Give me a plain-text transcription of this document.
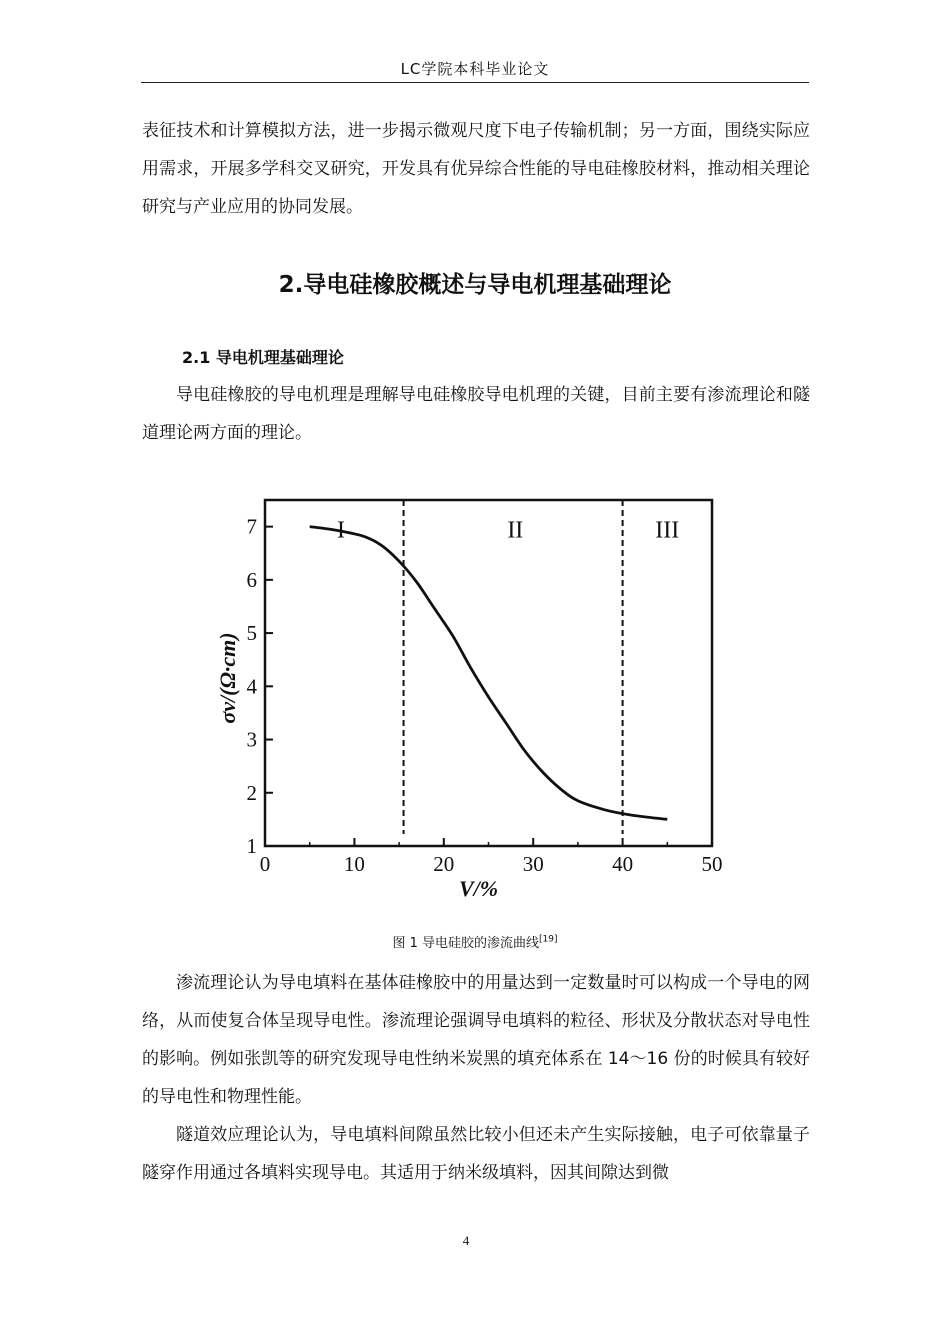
LC学院本科毕业论文
表征技术和计算模拟方法，进一步揭示微观尺度下电子传输机制；另一方面，围绕实际应用需求，开展多学科交叉研究，开发具有优异综合性能的导电硅橡胶材料，推动相关理论研究与产业应用的协同发展。
2.导电硅橡胶概述与导电机理基础理论
2.1 导电机理基础理论
导电硅橡胶的导电机理是理解导电硅橡胶导电机理的关键，目前主要有渗流理论和隧道理论两方面的理论。
0	10	20	30	40	50
1
2
3
4
5
6
7	I	II	III
V/%
σv/(Ω·cm)
图 1 导电硅胶的渗流曲线[19]
渗流理论认为导电填料在基体硅橡胶中的用量达到一定数量时可以构成一个导电的网络，从而使复合体呈现导电性。渗流理论强调导电填料的粒径、形状及分散状态对导电性的影响。例如张凯等的研究发现导电性纳米炭黑的填充体系在 14～16 份的时候具有较好的导电性和物理性能。
隧道效应理论认为，导电填料间隙虽然比较小但还未产生实际接触，电子可依靠量子隧穿作用通过各填料实现导电。其适用于纳米级填料，因其间隙达到微
4
